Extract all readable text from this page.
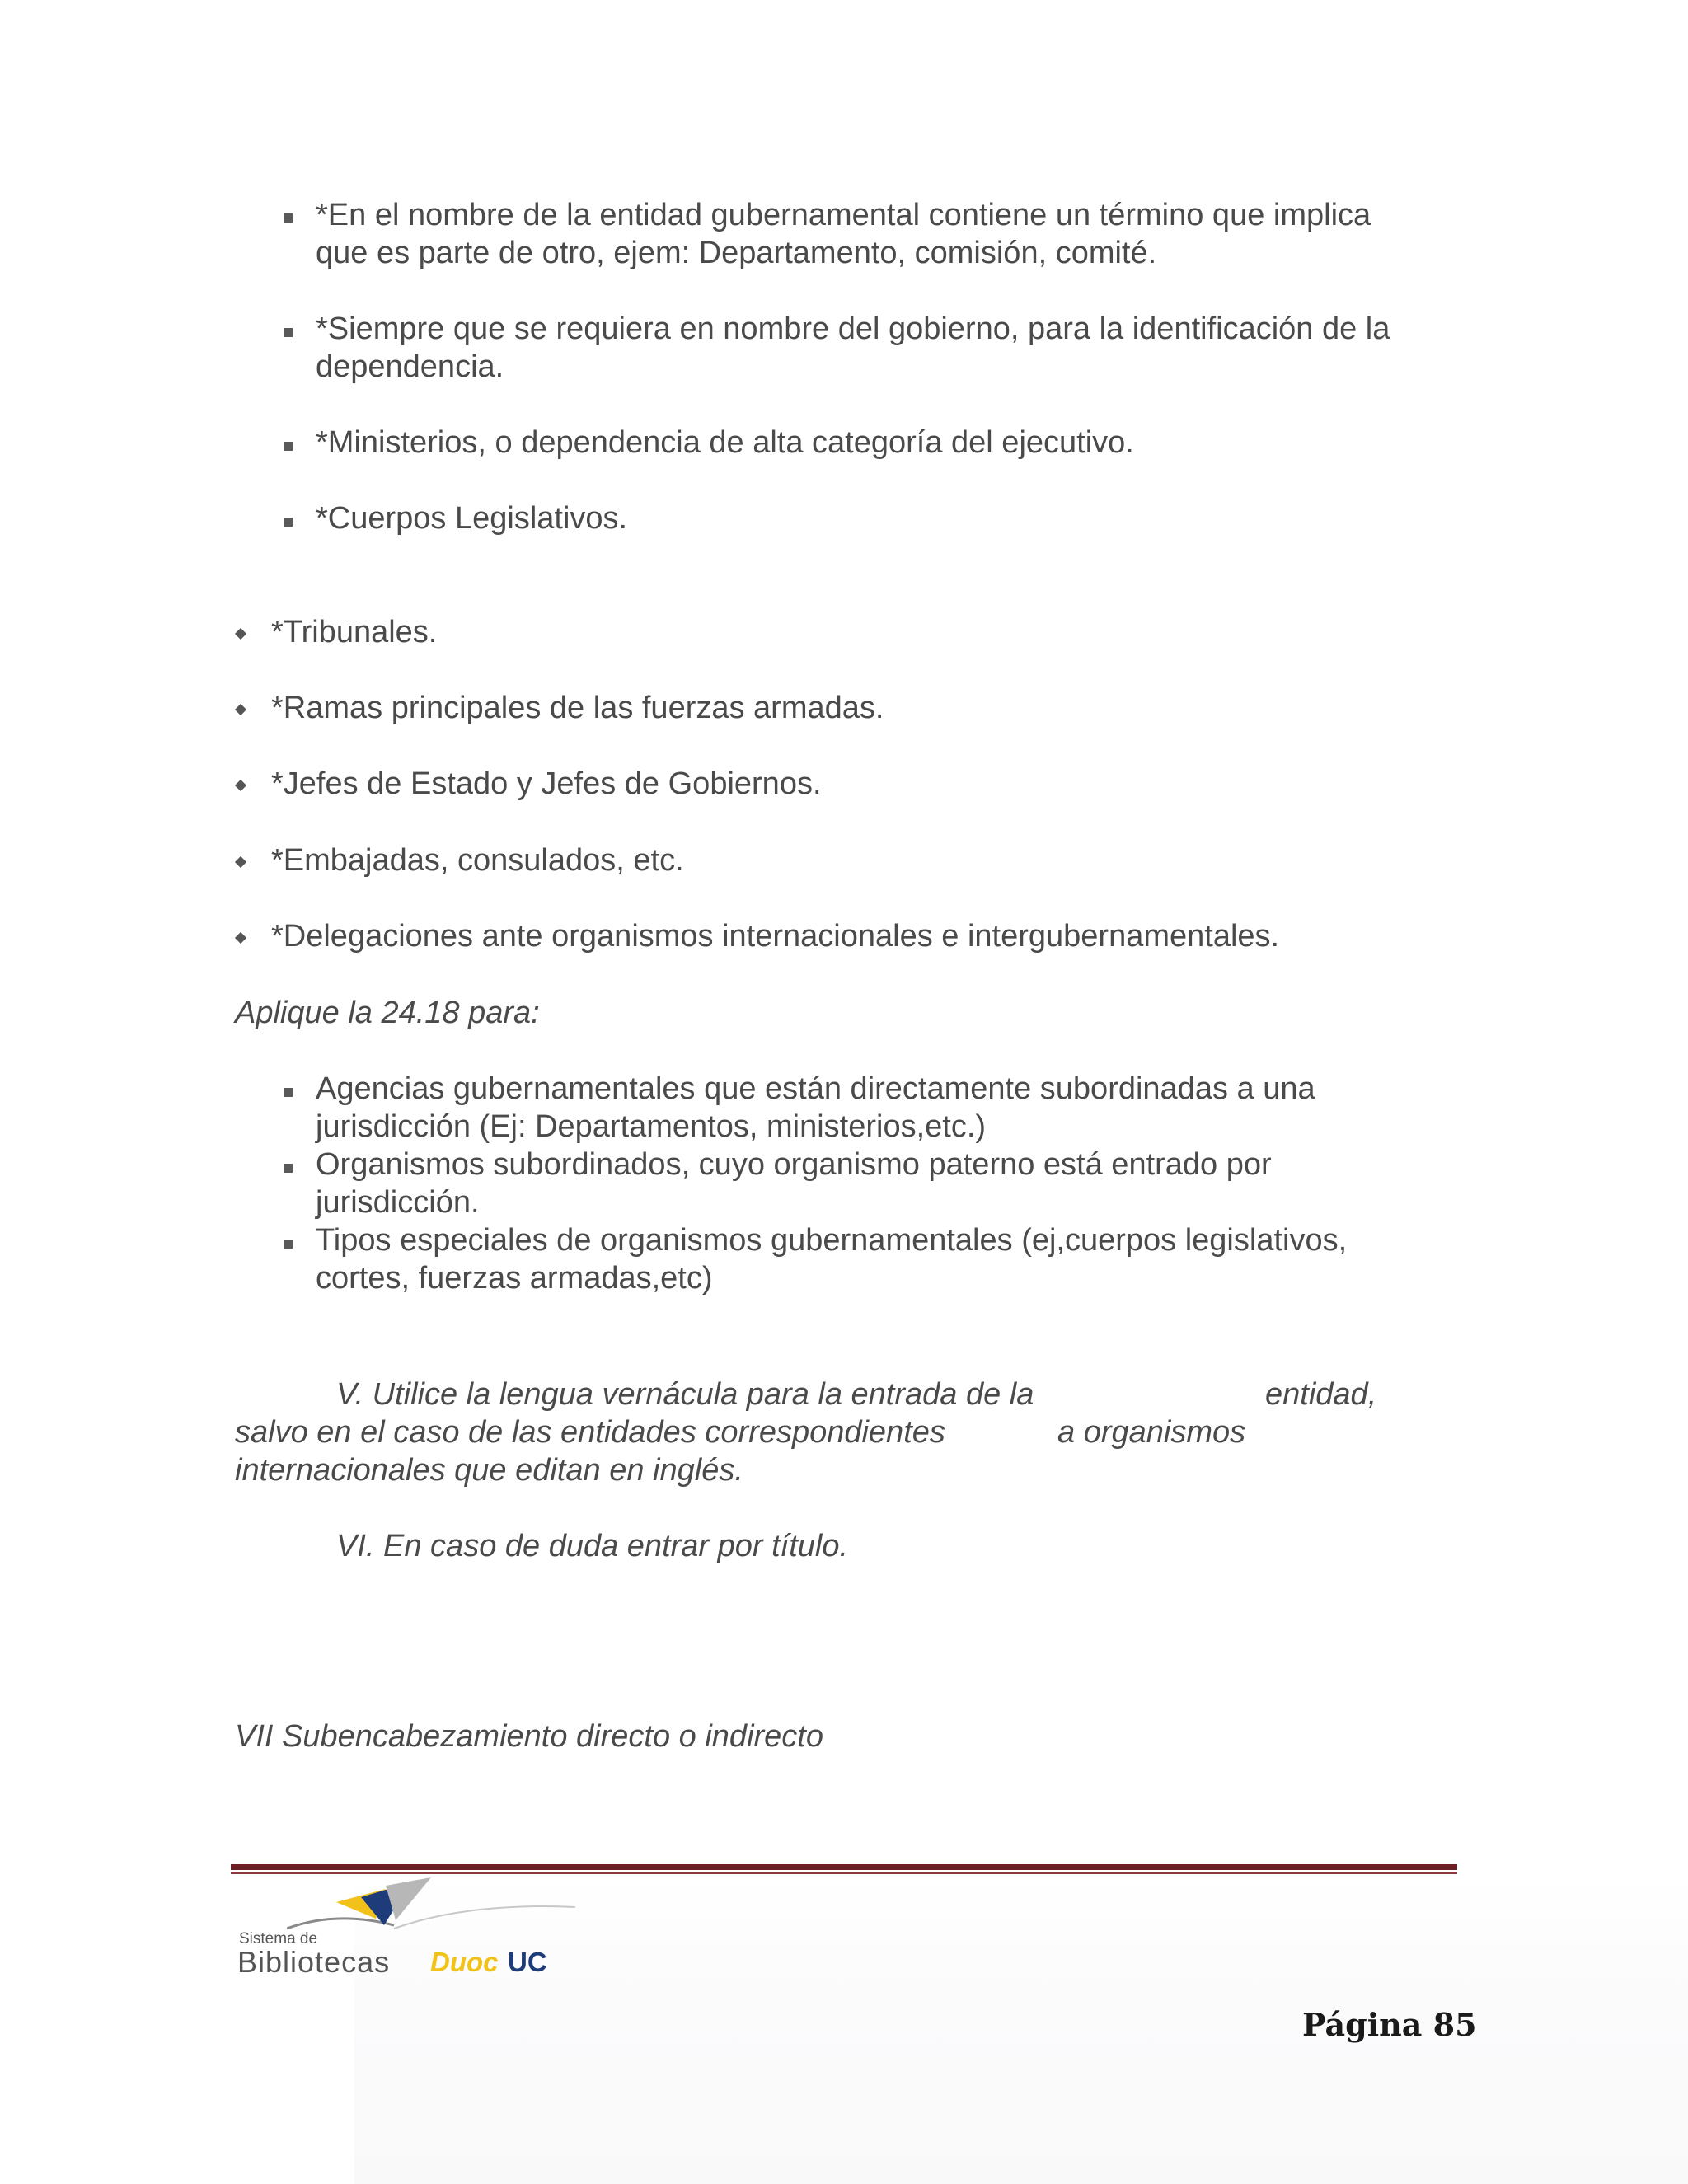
*En el nombre de la entidad gubernamental contiene un término que implica
que es parte de otro, ejem: Departamento, comisión, comité.
*Siempre que se requiera en nombre del gobierno, para la identificación de la
dependencia.
*Ministerios, o dependencia de alta categoría del ejecutivo.
*Cuerpos Legislativos.
*Tribunales.
*Ramas principales de las fuerzas armadas.
*Jefes de Estado y Jefes de Gobiernos.
*Embajadas, consulados, etc.
*Delegaciones ante organismos internacionales e intergubernamentales.
Aplique la 24.18 para:
Agencias gubernamentales que están directamente subordinadas a una
jurisdicción (Ej: Departamentos, ministerios,etc.)
Organismos subordinados, cuyo organismo paterno está entrado por
jurisdicción.
Tipos especiales de organismos gubernamentales (ej,cuerpos legislativos,
cortes, fuerzas armadas,etc)
V. Utilice la lengua vernácula para la entrada de la	entidad,
salvo en el caso de las entidades correspondientes	a organismos
internacionales que editan en inglés.
VI. En caso de duda entrar por título.
VII Subencabezamiento directo o indirecto
Sistema de
Bibliotecas Duoc UC
Página 85
